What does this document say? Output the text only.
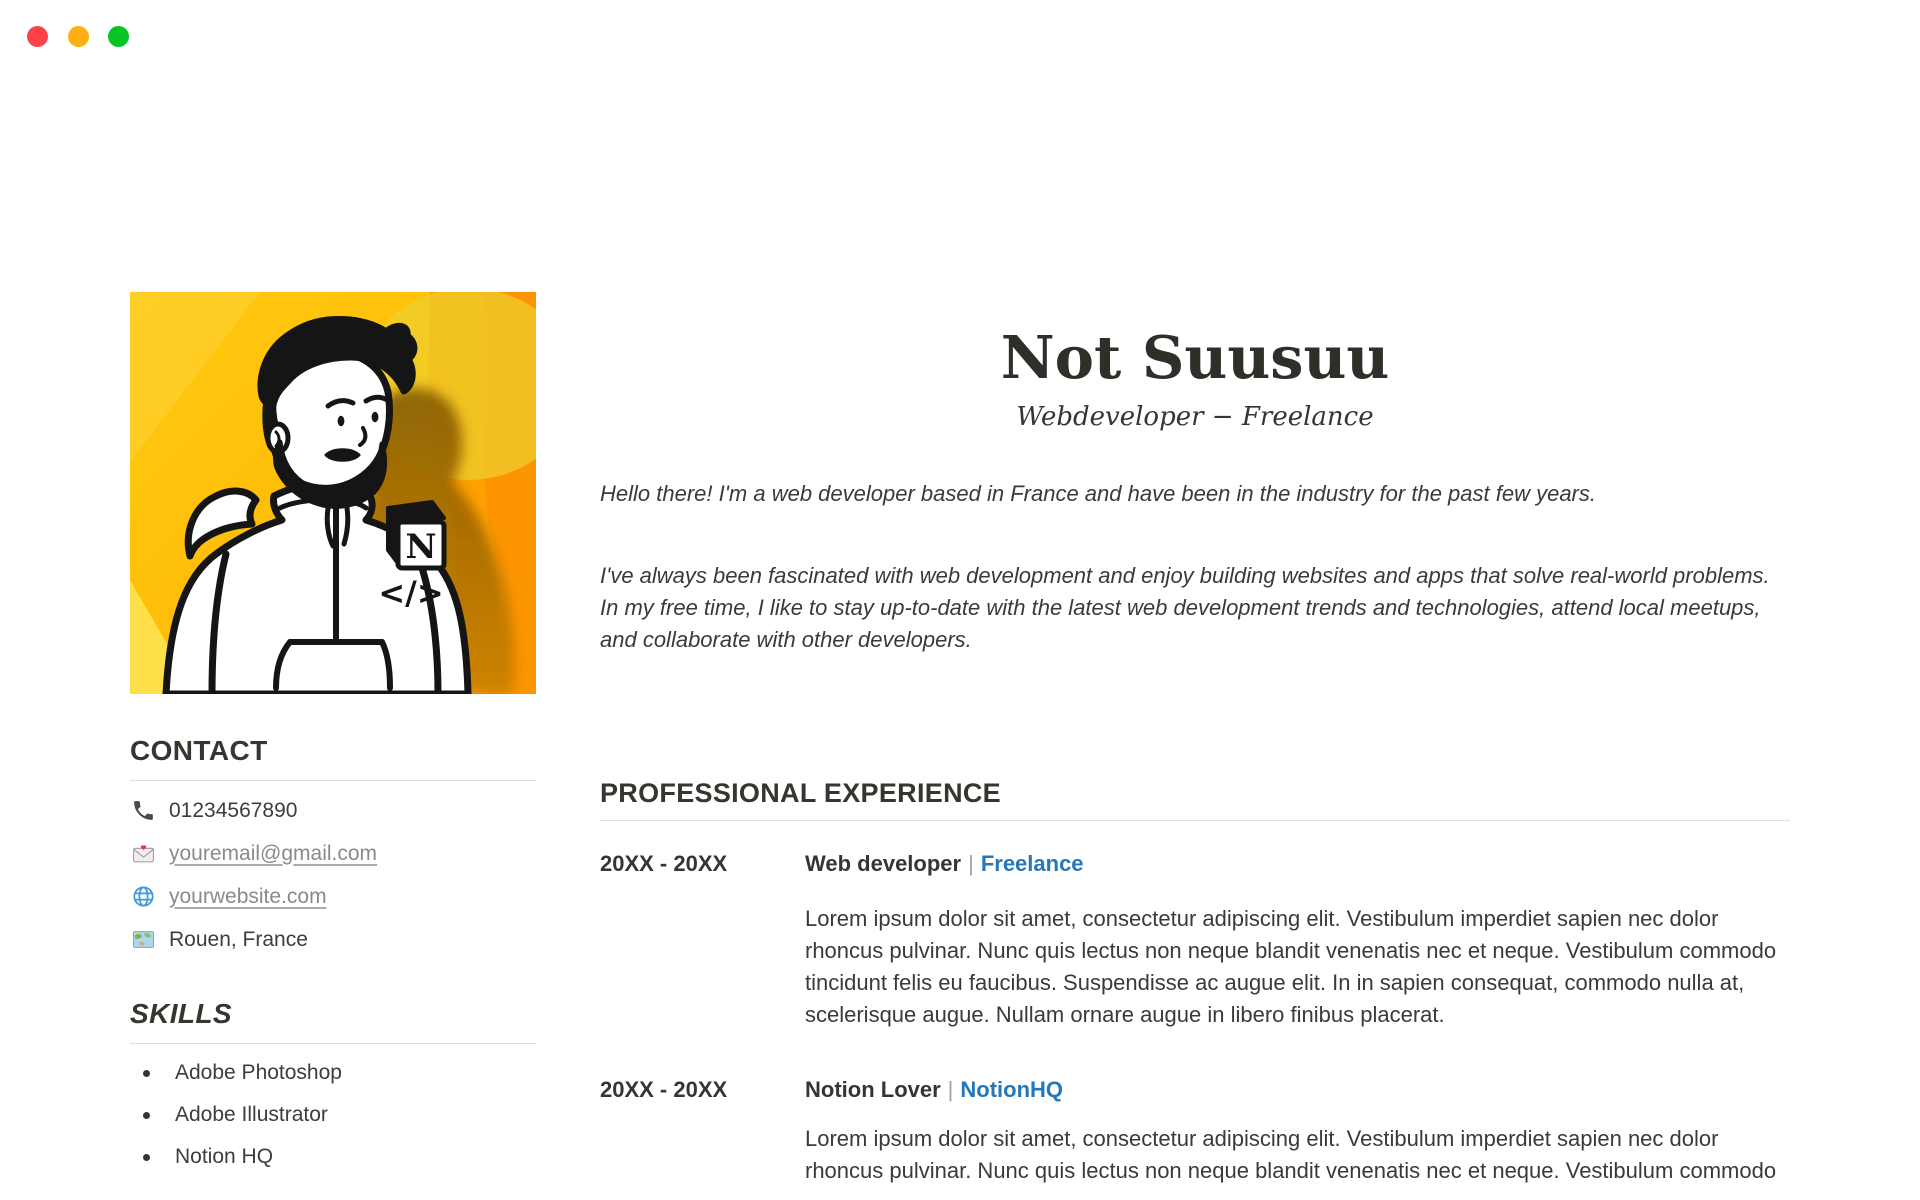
N
</>
CONTACT
01234567890
youremail@gmail.com
yourwebsite.com
Rouen, France
SKILLS
Adobe Photoshop
Adobe Illustrator
Notion HQ
Not Suusuu
Webdeveloper − Freelance

Hello there! I'm a web developer based in France and have been in the industry for the past few years.

I've always been fascinated with web development and enjoy building websites and apps that solve real-world problems. In my free time, I like to stay up-to-date with the latest web development trends and technologies, attend local meetups, and collaborate with other developers.

PROFESSIONAL EXPERIENCE
20XX - 20XX	Web developer | Freelance

Lorem ipsum dolor sit amet, consectetur adipiscing elit. Vestibulum imperdiet sapien nec dolor rhoncus pulvinar. Nunc quis lectus non neque blandit venenatis nec et neque. Vestibulum commodo tincidunt felis eu faucibus. Suspendisse ac augue elit. In in sapien consequat, commodo nulla at, scelerisque augue. Nullam ornare augue in libero finibus placerat.

20XX - 20XX	Notion Lover | NotionHQ

Lorem ipsum dolor sit amet, consectetur adipiscing elit. Vestibulum imperdiet sapien nec dolor rhoncus pulvinar. Nunc quis lectus non neque blandit venenatis nec et neque. Vestibulum commodo
